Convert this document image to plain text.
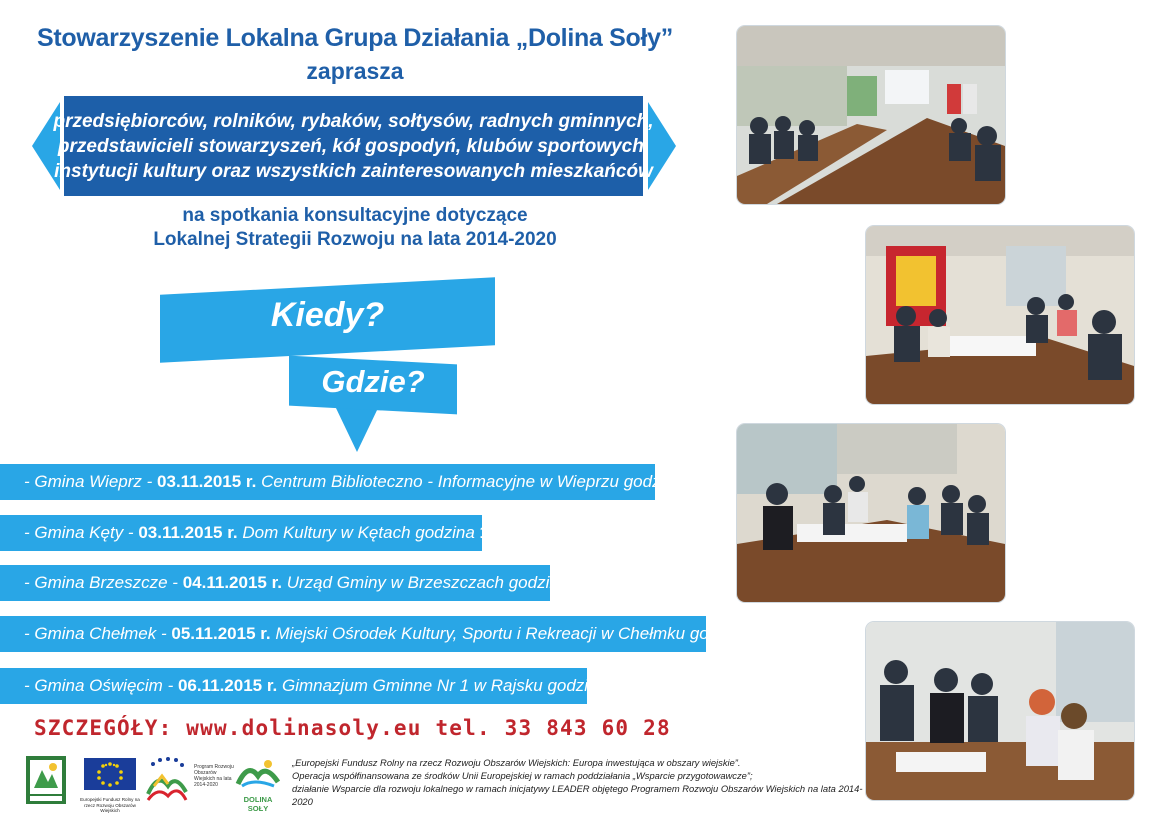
Stowarzyszenie Lokalna Grupa Działania „Dolina Soły”
zaprasza
przedsiębiorców, rolników, rybaków, sołtysów, radnych gminnych,
przedstawicieli stowarzyszeń, kół gospodyń, klubów sportowych,
instytucji kultury oraz wszystkich zainteresowanych mieszkańców
na spotkania konsultacyjne dotyczące
Lokalnej Strategii Rozwoju na lata 2014-2020
Kiedy?
Gdzie?
- Gmina Wieprz -
03.11.2015 r.
Centrum Biblioteczno - Informacyjne w Wieprzu godzina
12.00
- Gmina Kęty -
03.11.2015 r.
Dom Kultury w Kętach godzina
16.00
- Gmina Brzeszcze -
04.11.2015 r.
Urząd Gminy w Brzeszczach godzina
16.00
- Gmina Chełmek -
05.11.2015 r.
Miejski Ośrodek Kultury, Sportu i Rekreacji w Chełmku godzina
16.00
- Gmina Oświęcim -
06.11.2015 r.
Gimnazjum Gminne Nr 1 w Rajsku godzina
16.00
SZCZEGÓŁY: www.dolinasoly.eu tel. 33 843 60 28
Europejski Fundusz Rolny na rzecz Rozwoju Obszarów Wiejskich
Program Rozwoju Obszarów Wiejskich na lata 2014-2020
DOLINA SOŁY
„Europejski Fundusz Rolny na rzecz Rozwoju Obszarów Wiejskich: Europa inwestująca w obszary wiejskie”.
Operacja współfinansowana ze środków Unii Europejskiej w ramach poddziałania „Wsparcie przygotowawcze”;
działanie Wsparcie dla rozwoju lokalnego w ramach inicjatywy LEADER objętego Programem Rozwoju Obszarów Wiejskich na lata 2014-2020
